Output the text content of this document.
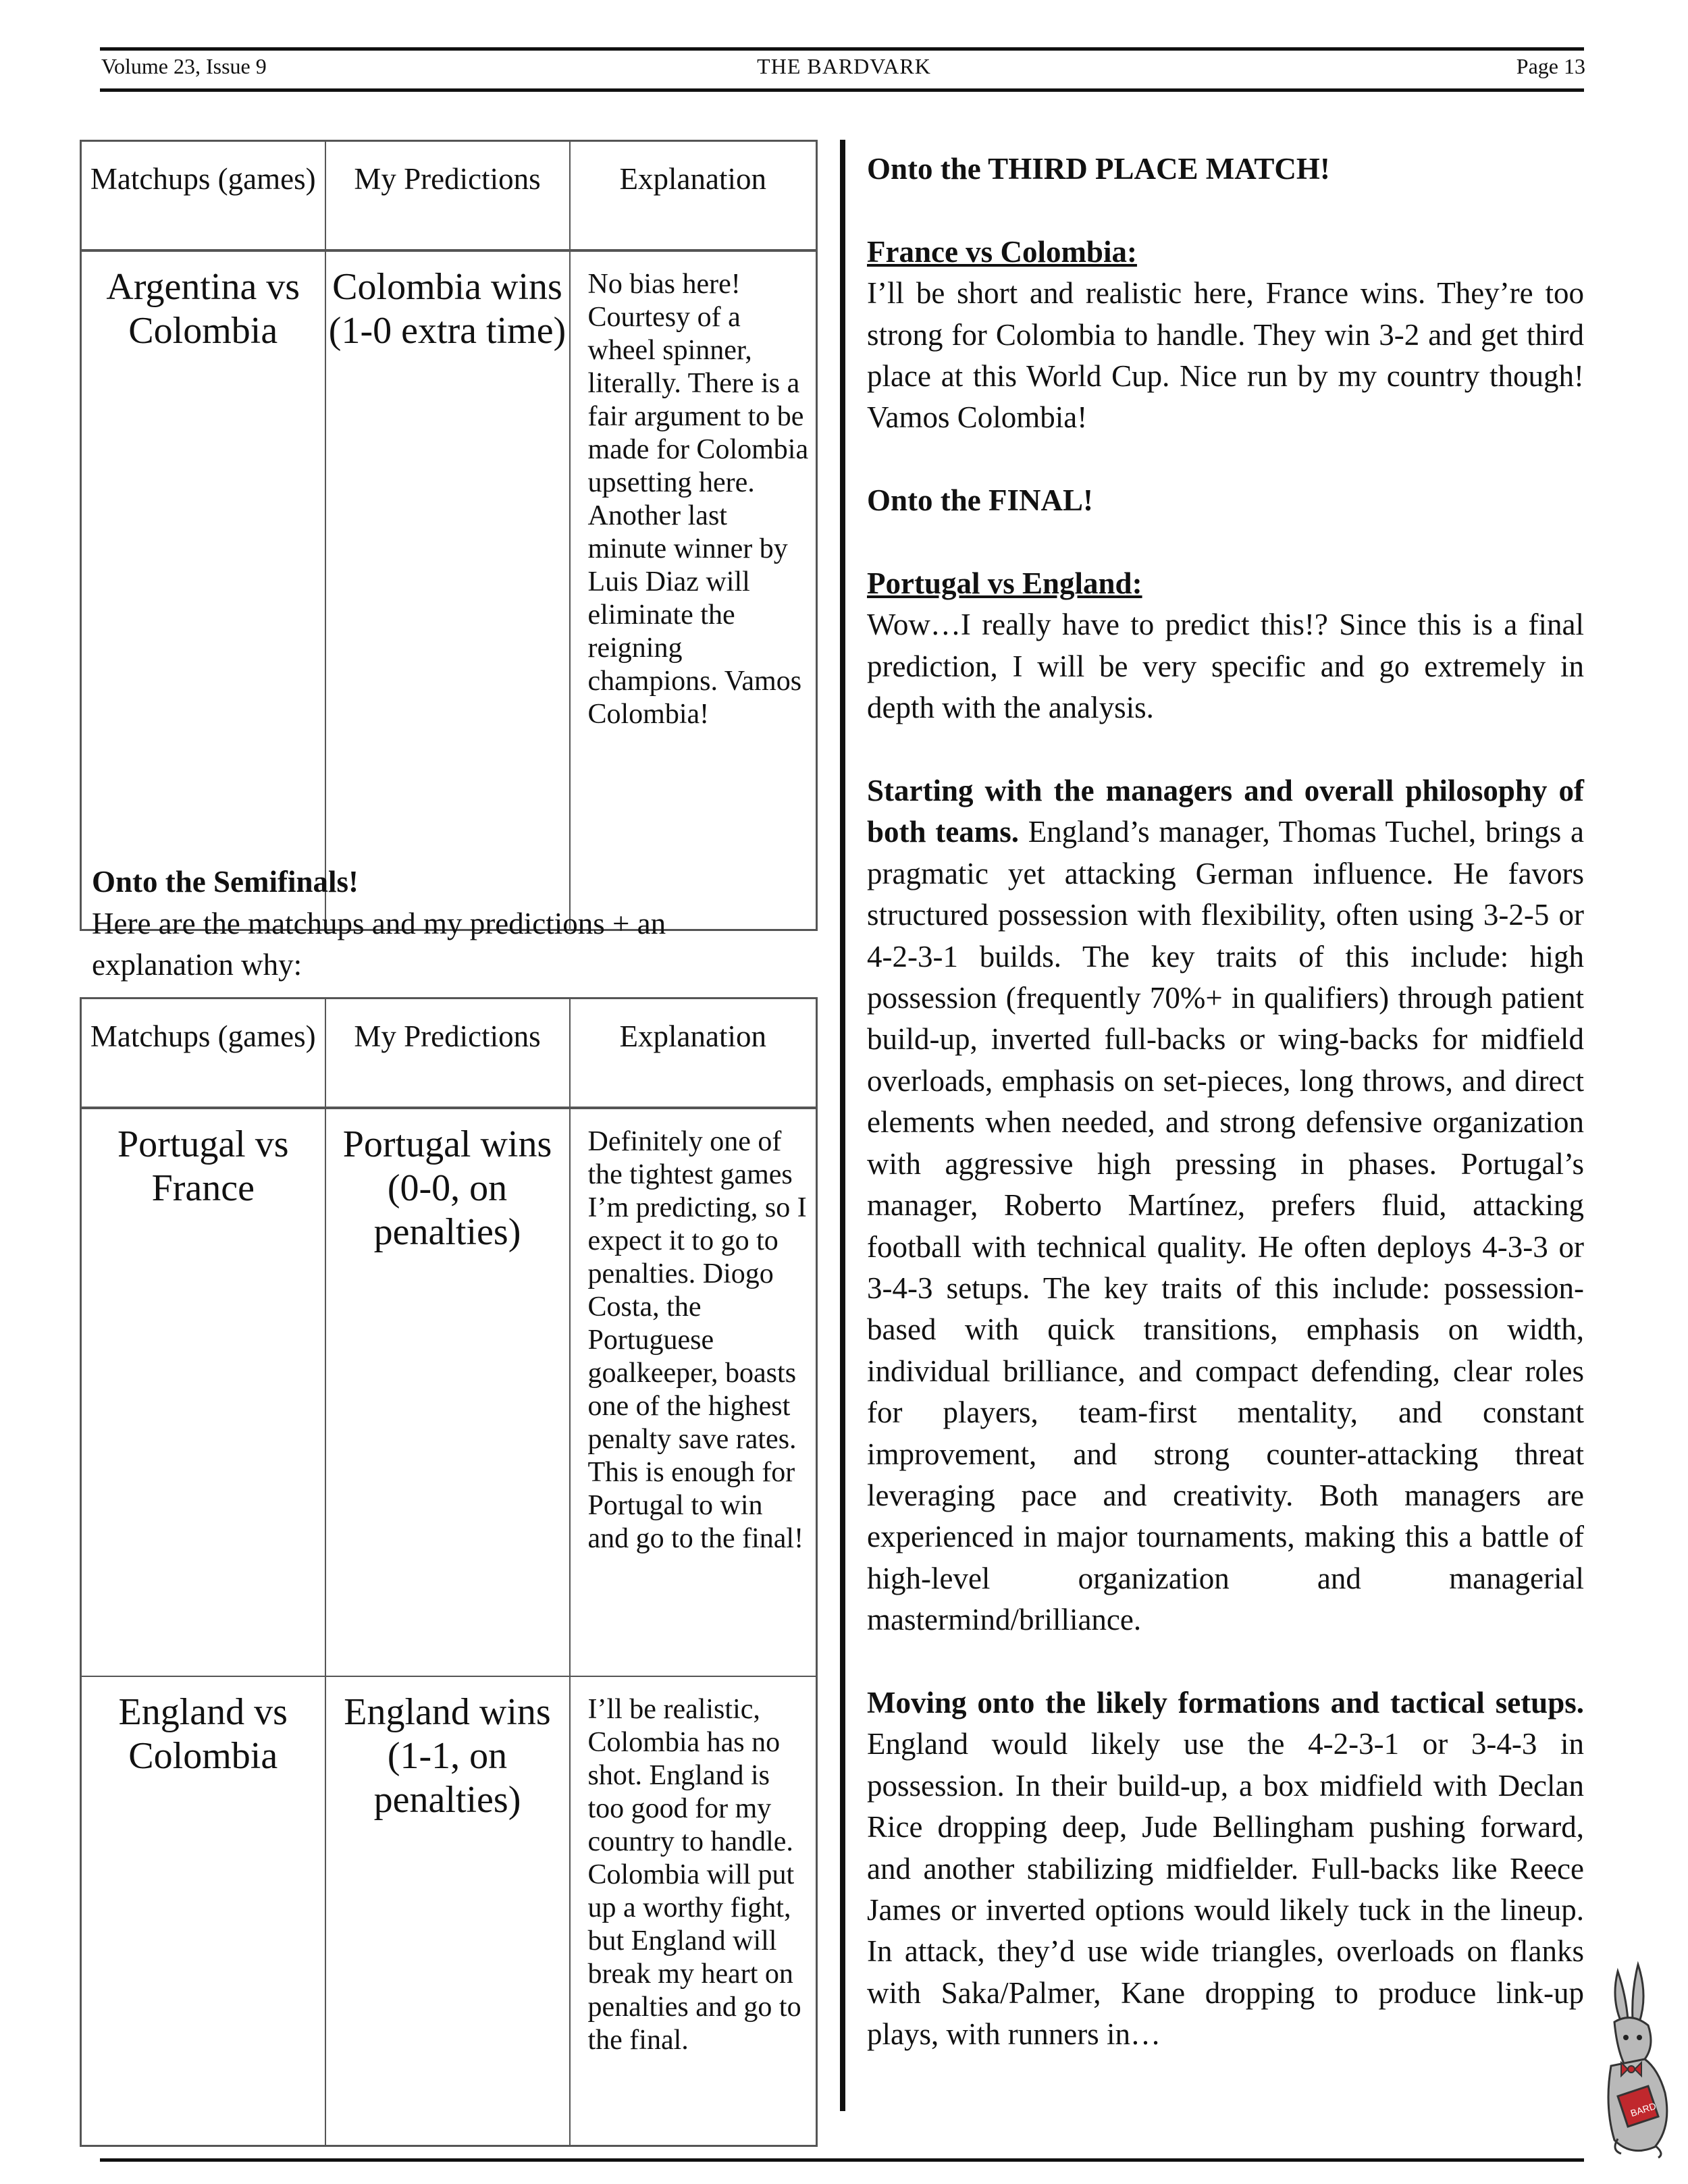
Volume 23, Issue 9	THE BARDVARK	Page 13
Matchups (games)	My Predictions	Explanation
Argentina vs Colombia	Colombia wins (1-0 extra time)	No bias here! Courtesy of a wheel spinner, literally. There is a fair argument to be made for Colombia upsetting here. Another last minute winner by Luis Diaz will eliminate the reigning champions. Vamos Colombia!
Onto the Semifinals!
Here are the matchups and my predictions + an explanation why:
Matchups (games)	My Predictions	Explanation
Portugal vs France	Portugal wins (0-0, on penalties)	Definitely one of the tightest games I’m predicting, so I expect it to go to penalties. Diogo Costa, the Portuguese goalkeeper, boasts one of the highest penalty save rates. This is enough for Portugal to win and go to the final!
England vs Colombia	England wins (1-1, on penalties)	I’ll be realistic, Colombia has no shot. England is too good for my country to handle. Colombia will put up a worthy fight, but England will break my heart on penalties and go to the final.

Onto the THIRD PLACE MATCH!

France vs Colombia:
I’ll be short and realistic here, France wins. They’re too strong for Colombia to handle. They win 3-2 and get third place at this World Cup. Nice run by my country though! Vamos Colombia!

Onto the FINAL!

Portugal vs England:
Wow…I really have to predict this!? Since this is a final prediction, I will be very specific and go extremely in depth with the analysis.

Starting with the managers and overall philosophy of both teams. England’s manager, Thomas Tuchel, brings a pragmatic yet attacking German influence. He favors structured possession with flexibility, often using 3-2-5 or 4-2-3-1 builds. The key traits of this include: high possession (frequently 70%+ in qualifiers) through patient build-up, inverted full-backs or wing-backs for midfield overloads, emphasis on set-pieces, long throws, and direct elements when needed, and strong defensive organization with aggressive high pressing in phases. Portugal’s manager, Roberto Martínez, prefers fluid, attacking football with technical quality. He often deploys 4-3-3 or 3-4-3 setups. The key traits of this include: possession-based with quick transitions, emphasis on width, individual brilliance, and compact defending, clear roles for players, team-first mentality, and constant improvement, and strong counter-attacking threat leveraging pace and creativity. Both managers are experienced in major tournaments, making this a battle of high-level organization and managerial mastermind/brilliance.

Moving onto the likely formations and tactical setups. England would likely use the 4-2-3-1 or 3-4-3 in possession. In their build-up, a box midfield with Declan Rice dropping deep, Jude Bellingham pushing forward, and another stabilizing midfielder. Full-backs like Reece James or inverted options would likely tuck in the lineup. In attack, they’d use wide triangles, overloads on flanks with Saka/Palmer, Kane dropping to produce link-up plays, with runners in…

BARD
